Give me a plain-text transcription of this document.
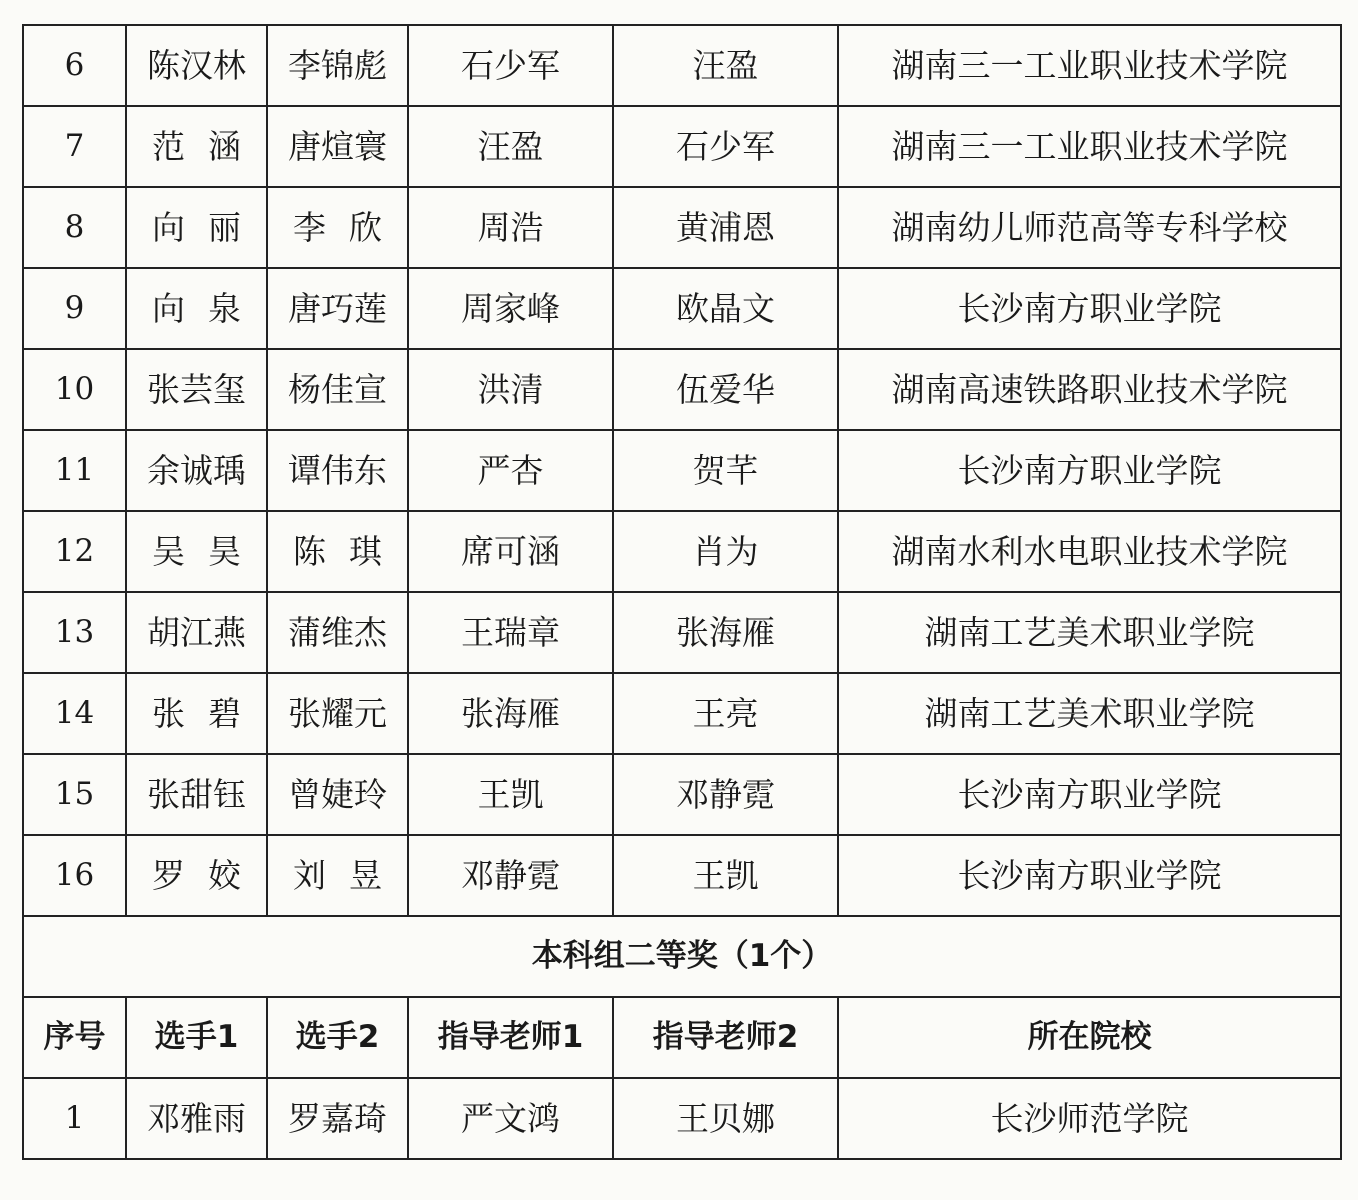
6	陈汉林	李锦彪	石少军	汪盈	湖南三一工业职业技术学院
7	范涵	唐煊寰	汪盈	石少军	湖南三一工业职业技术学院
8	向丽	李欣	周浩	黄浦恩	湖南幼儿师范高等专科学校
9	向泉	唐巧莲	周家峰	欧晶文	长沙南方职业学院
10	张芸玺	杨佳宣	洪清	伍爱华	湖南高速铁路职业技术学院
11	余诚瑀	谭伟东	严杏	贺芊	长沙南方职业学院
12	吴昊	陈琪	席可涵	肖为	湖南水利水电职业技术学院
13	胡江燕	蒲维杰	王瑞章	张海雁	湖南工艺美术职业学院
14	张碧	张耀元	张海雁	王亮	湖南工艺美术职业学院
15	张甜钰	曾婕玲	王凯	邓静霓	长沙南方职业学院
16	罗姣	刘昱	邓静霓	王凯	长沙南方职业学院
本科组二等奖（1个）					
序号	选手1	选手2	指导老师1	指导老师2	所在院校
1	邓雅雨	罗嘉琦	严文鸿	王贝娜	长沙师范学院
